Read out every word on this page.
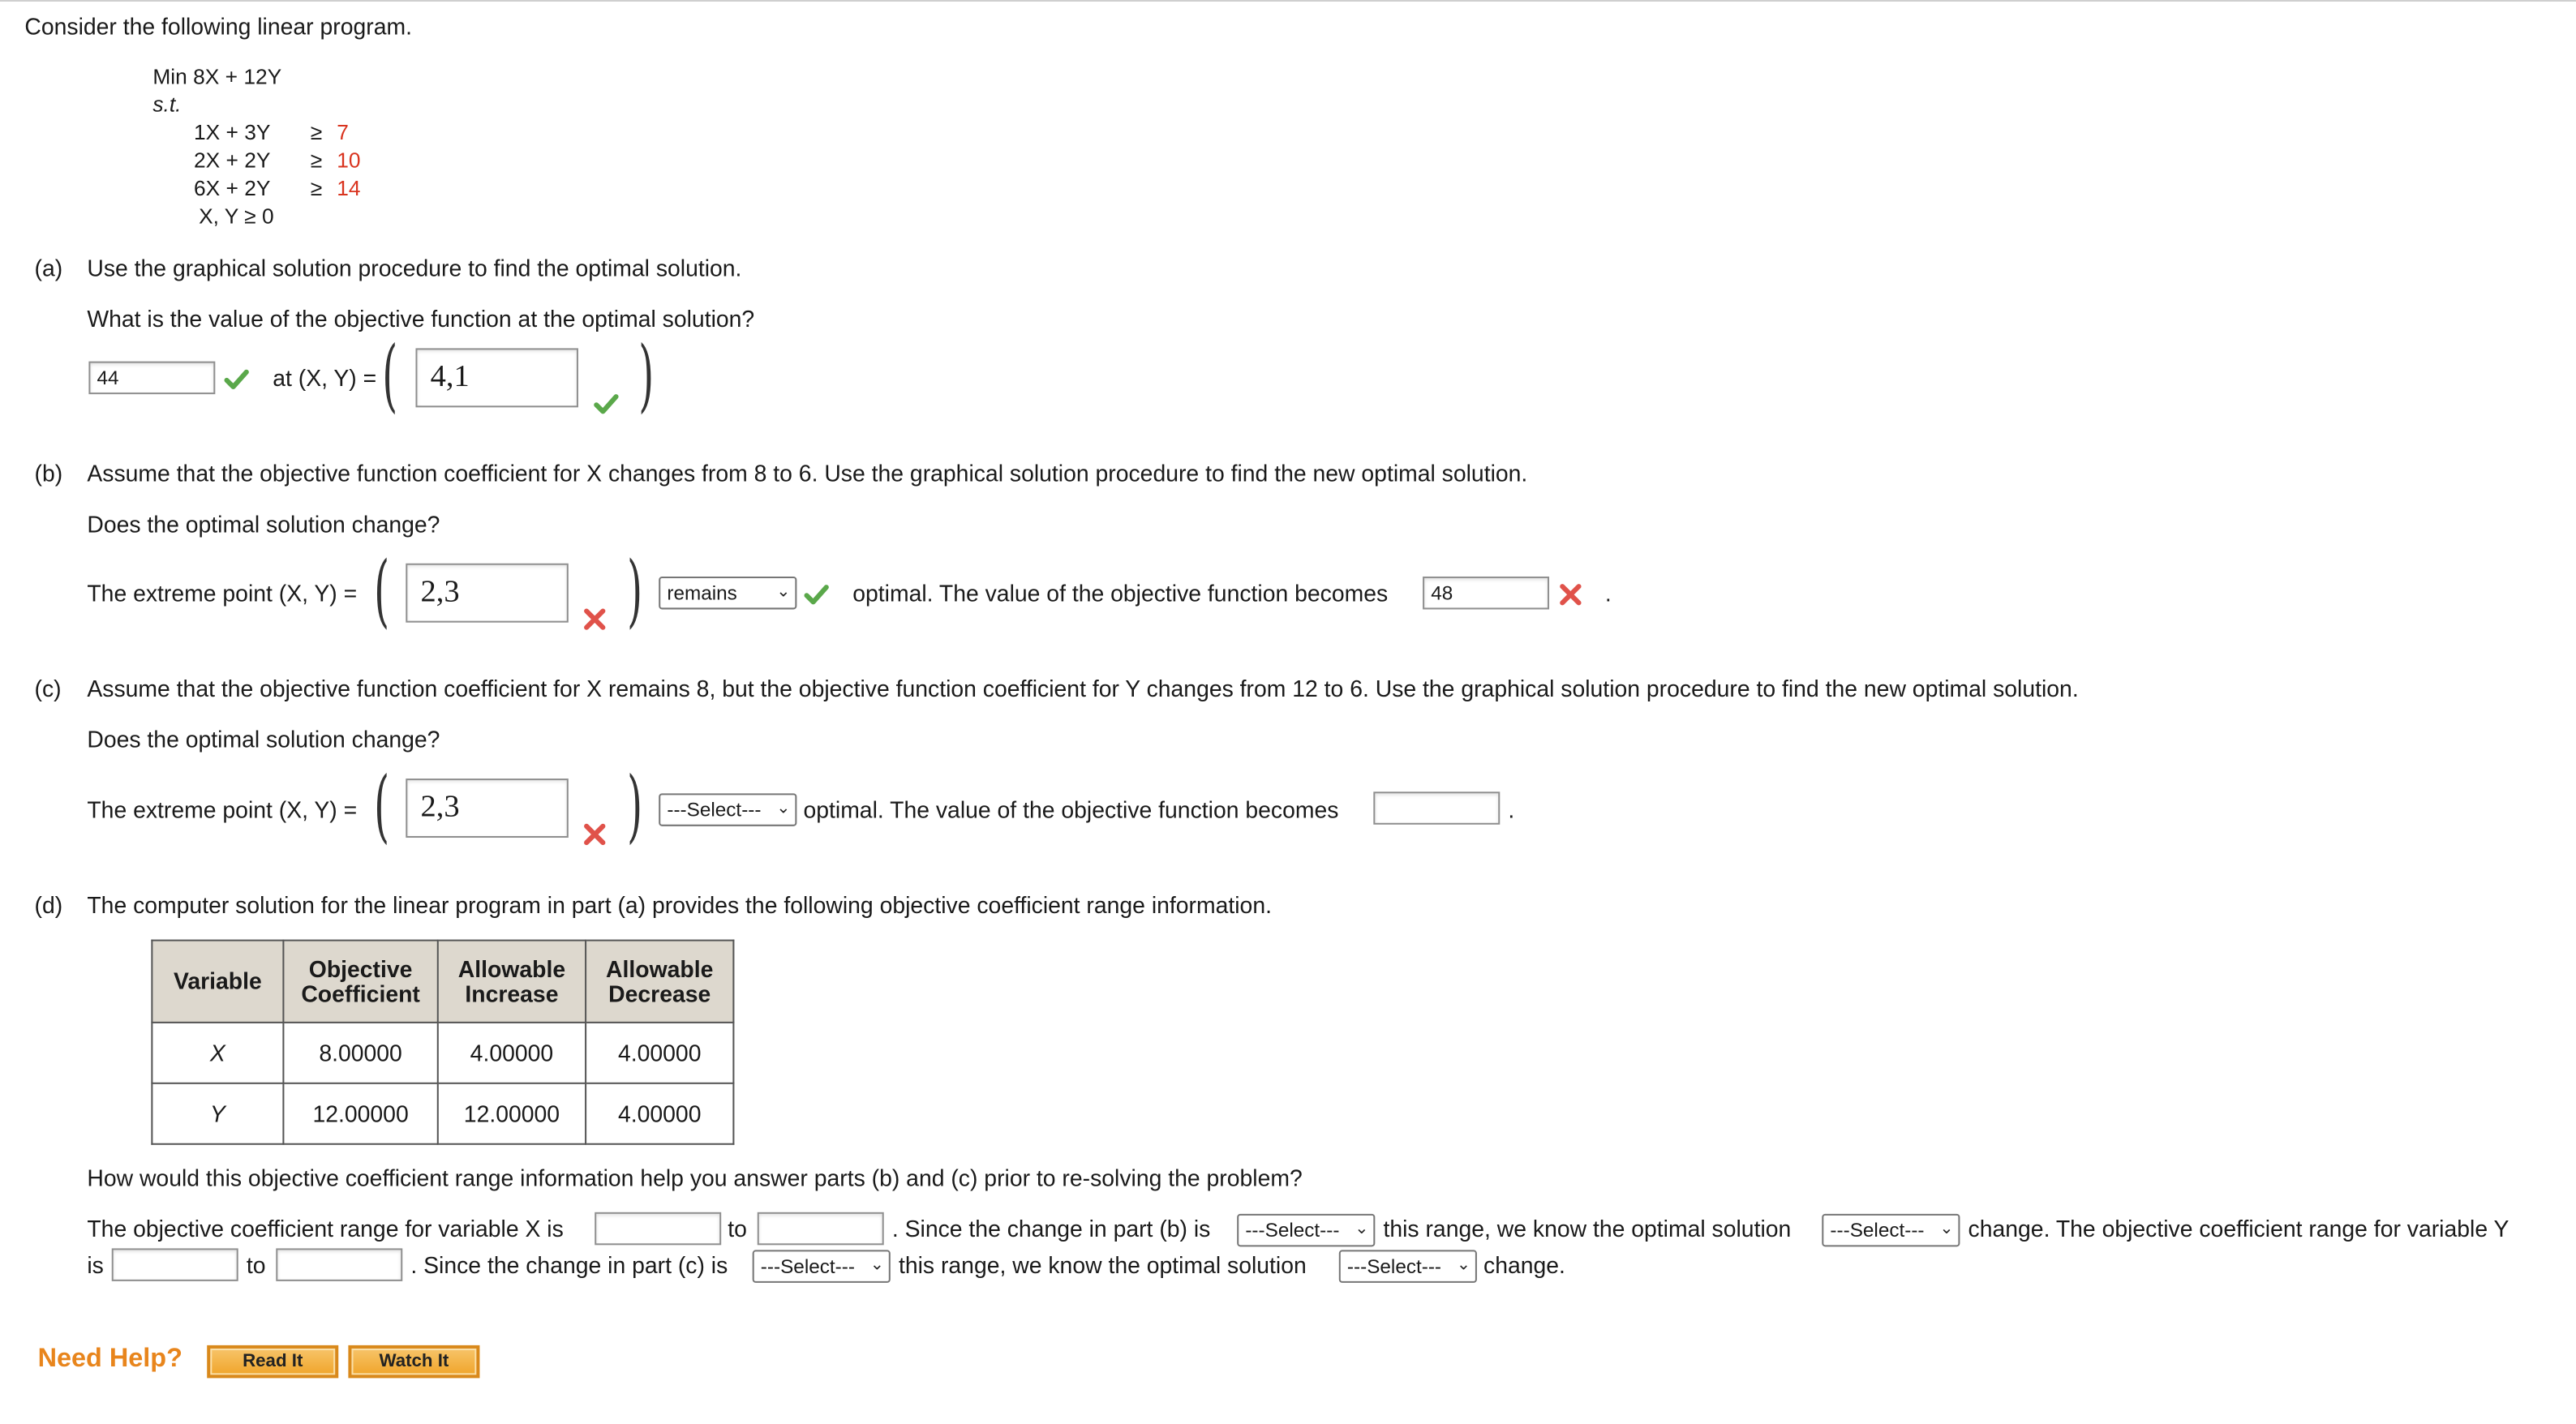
Consider the following linear program.
Min 8X + 12Y
s.t.
1X + 3Y	≥ 7
2X + 2Y	≥ 10
6X + 2Y	≥ 14
X, Y ≥ 0
(a) Use the graphical solution procedure to find the optimal solution.
What is the value of the objective function at the optimal solution?
44	at (X, Y) = (	4,1	)
(b) Assume that the objective function coefficient for X changes from 8 to 6. Use the graphical solution procedure to find the new optimal solution.
Does the optimal solution change?
The extreme point (X, Y) = (	2,3	)	remains	⌄	optimal. The value of the objective function becomes	48	.
(c) Assume that the objective function coefficient for X remains 8, but the objective function coefficient for Y changes from 12 to 6. Use the graphical solution procedure to find the new optimal solution.
Does the optimal solution change?
The extreme point (X, Y) = (	2,3	)	---Select--- ⌄ optimal. The value of the objective function becomes	.
(d) The computer solution for the linear program in part (a) provides the following objective coefficient range information.
Variable	Objective Coefficient	Allowable Increase	Allowable Decrease
X	8.00000	4.00000	4.00000
Y	12.00000	12.00000	4.00000
How would this objective coefficient range information help you answer parts (b) and (c) prior to re-solving the problem?
The objective coefficient range for variable X is	to	. Since the change in part (b) is	---Select--- ⌄ this range, we know the optimal solution	---Select--- ⌄ change. The objective coefficient range for variable Y
is	to	. Since the change in part (c) is	---Select--- ⌄ this range, we know the optimal solution	---Select--- ⌄ change.
Need Help?	Read It	Watch It
